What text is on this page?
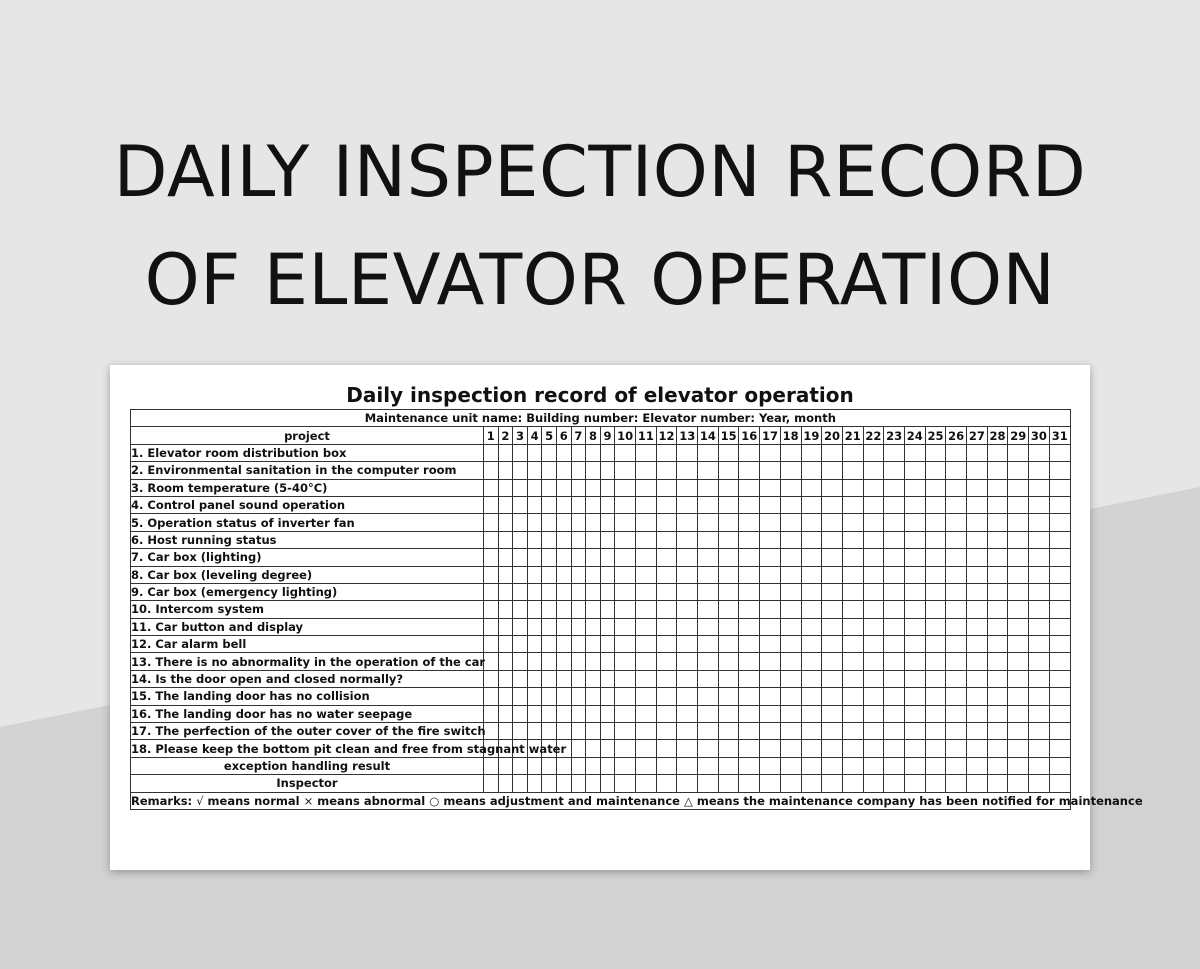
DAILY INSPECTION RECORD
OF ELEVATOR OPERATION
Daily inspection record of elevator operation
Maintenance unit name: Building number: Elevator number: Year, month																															
project	1	2	3	4	5	6	7	8	9	10	11	12	13	14	15	16	17	18	19	20	21	22	23	24	25	26	27	28	29	30	31
1. Elevator room distribution box																															
2. Environmental sanitation in the computer room																															
3. Room temperature (5-40°C)																															
4. Control panel sound operation																															
5. Operation status of inverter fan																															
6. Host running status																															
7. Car box (lighting)																															
8. Car box (leveling degree)																															
9. Car box (emergency lighting)																															
10. Intercom system																															
11. Car button and display																															
12. Car alarm bell																															
13. There is no abnormality in the operation of the car																															
14. Is the door open and closed normally?																															
15. The landing door has no collision																															
16. The landing door has no water seepage																															
17. The perfection of the outer cover of the fire switch																															
18. Please keep the bottom pit clean and free from stagnant water																															
exception handling result																															
Inspector																															
Remarks: √ means normal × means abnormal ○ means adjustment and maintenance △ means the maintenance company has been notified for maintenance																															
